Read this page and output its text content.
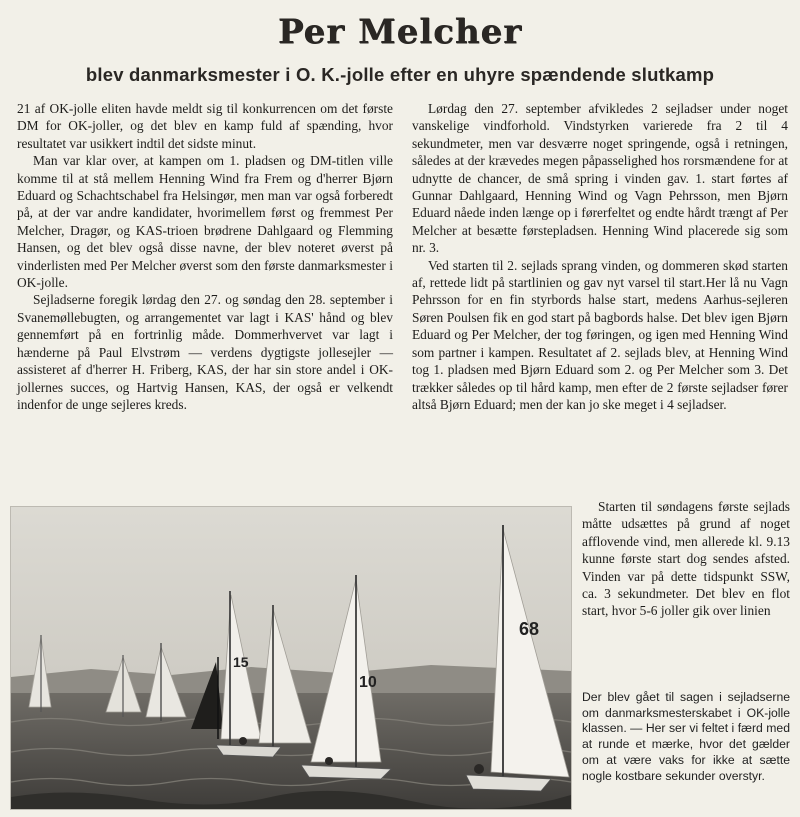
Per Melcher
blev danmarksmester i O. K.-jolle efter en uhyre spændende slutkamp

21 af OK-jolle eliten havde meldt sig til konkurrencen om det første DM for OK-joller, og det blev en kamp fuld af spænding, hvor resultatet var usikkert indtil det sidste minut.

Man var klar over, at kampen om 1. pladsen og DM-titlen ville komme til at stå mellem Henning Wind fra Frem og d'herrer Bjørn Eduard og Schachtschabel fra Helsingør, men man var også forberedt på, at der var andre kandidater, hvorimellem først og fremmest Per Melcher, Dragør, og KAS-trioen brødrene Dahlgaard og Flemming Hansen, og det blev også disse navne, der blev noteret øverst på vinderlisten med Per Melcher øverst som den første danmarksmester i OK-jolle.

Sejladserne foregik lørdag den 27. og søndag den 28. september i Svanemøllebugten, og arrangementet var lagt i KAS' hånd og blev gennemført på en fortrinlig måde. Dommerhvervet var lagt i hænderne på Paul Elvstrøm — verdens dygtigste jollesejler — assisteret af d'herrer H. Friberg, KAS, der har sin store andel i OK-jollernes succes, og Hartvig Hansen, KAS, der også er velkendt indenfor de unge sejleres kreds.

Lørdag den 27. september afvikledes 2 sejladser under noget vanskelige vindforhold. Vindstyrken varierede fra 2 til 4 sekundmeter, men var desværre noget springende, også i retningen, således at der krævedes megen påpasselighed hos rorsmændene for at udnytte de chancer, de små spring i vinden gav. 1. start førtes af Gunnar Dahlgaard, Henning Wind og Vagn Pehrsson, men Bjørn Eduard nåede inden længe op i førerfeltet og endte hårdt trængt af Per Melcher at besætte førstepladsen. Henning Wind placerede sig som nr. 3.

Ved starten til 2. sejlads sprang vinden, og dommeren skød starten af, rettede lidt på startlinien og gav nyt varsel til start.Her lå nu Vagn Pehrsson for en fin styrbords halse start, medens Aarhus-sejleren Søren Poulsen fik en god start på bagbords halse. Det blev igen Bjørn Eduard og Per Melcher, der tog føringen, og igen med Henning Wind som partner i kampen. Resultatet af 2. sejlads blev, at Henning Wind tog 1. pladsen med Bjørn Eduard som 2. og Per Melcher som 3. Det trækker således op til hård kamp, men efter de 2 første sejladser fører altså Bjørn Eduard; men der kan jo ske meget i 4 sejladser.

Starten til søndagens første sejlads måtte udsættes på grund af noget afflovende vind, men allerede kl. 9.13 kunne første start dog sendes afsted. Vinden var på dette tidspunkt SSW, ca. 3 sekundmeter. Det blev en flot start, hvor 5-6 joller gik over linien

15
10
68

Der blev gået til sagen i sejladserne om danmarksmesterskabet i OK-jolle klassen. — Her ser vi feltet i færd med at runde et mærke, hvor det gælder om at være vaks for ikke at sætte nogle kostbare sekunder overstyr.
